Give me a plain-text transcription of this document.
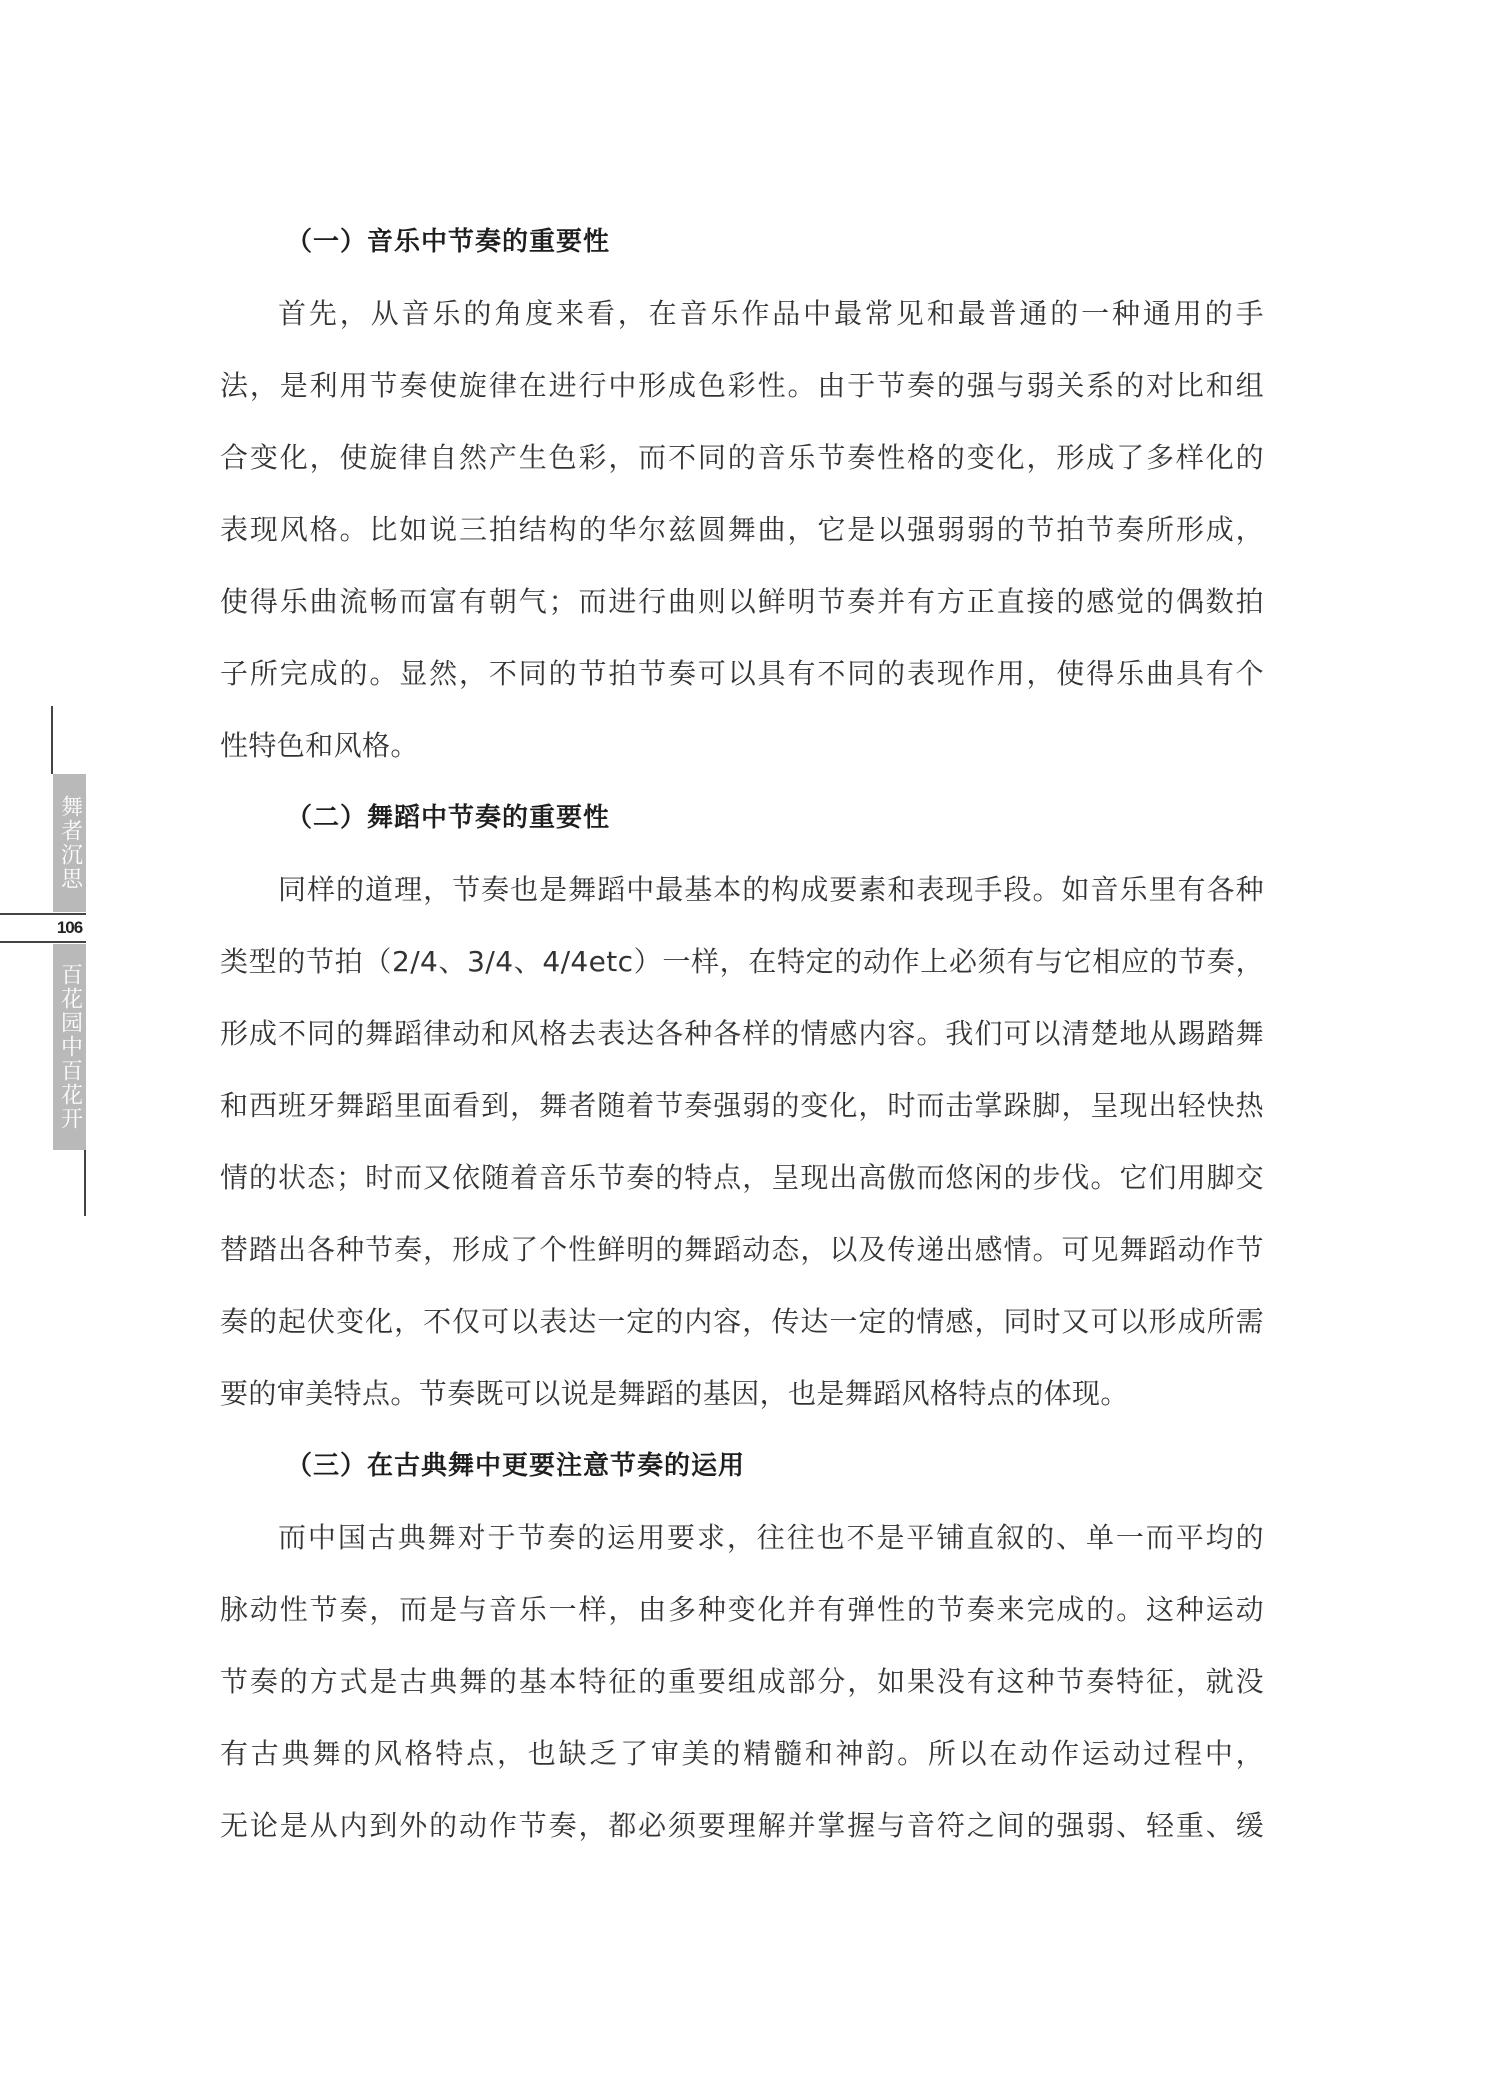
舞者沉思
106
百花园中百花开
（一）音乐中节奏的重要性
首先，从音乐的角度来看，在音乐作品中最常见和最普通的一种通用的手
法，是利用节奏使旋律在进行中形成色彩性。由于节奏的强与弱关系的对比和组
合变化，使旋律自然产生色彩，而不同的音乐节奏性格的变化，形成了多样化的
表现风格。比如说三拍结构的华尔兹圆舞曲，它是以强弱弱的节拍节奏所形成，
使得乐曲流畅而富有朝气；而进行曲则以鲜明节奏并有方正直接的感觉的偶数拍
子所完成的。显然，不同的节拍节奏可以具有不同的表现作用，使得乐曲具有个
性特色和风格。
（二）舞蹈中节奏的重要性
同样的道理，节奏也是舞蹈中最基本的构成要素和表现手段。如音乐里有各种
类型的节拍（2/4、3/4、4/4etc）一样，在特定的动作上必须有与它相应的节奏，
形成不同的舞蹈律动和风格去表达各种各样的情感内容。我们可以清楚地从踢踏舞
和西班牙舞蹈里面看到，舞者随着节奏强弱的变化，时而击掌跺脚，呈现出轻快热
情的状态；时而又依随着音乐节奏的特点，呈现出高傲而悠闲的步伐。它们用脚交
替踏出各种节奏，形成了个性鲜明的舞蹈动态，以及传递出感情。可见舞蹈动作节
奏的起伏变化，不仅可以表达一定的内容，传达一定的情感，同时又可以形成所需
要的审美特点。节奏既可以说是舞蹈的基因，也是舞蹈风格特点的体现。
（三）在古典舞中更要注意节奏的运用
而中国古典舞对于节奏的运用要求，往往也不是平铺直叙的、单一而平均的
脉动性节奏，而是与音乐一样，由多种变化并有弹性的节奏来完成的。这种运动
节奏的方式是古典舞的基本特征的重要组成部分，如果没有这种节奏特征，就没
有古典舞的风格特点，也缺乏了审美的精髓和神韵。所以在动作运动过程中，
无论是从内到外的动作节奏，都必须要理解并掌握与音符之间的强弱、轻重、缓
